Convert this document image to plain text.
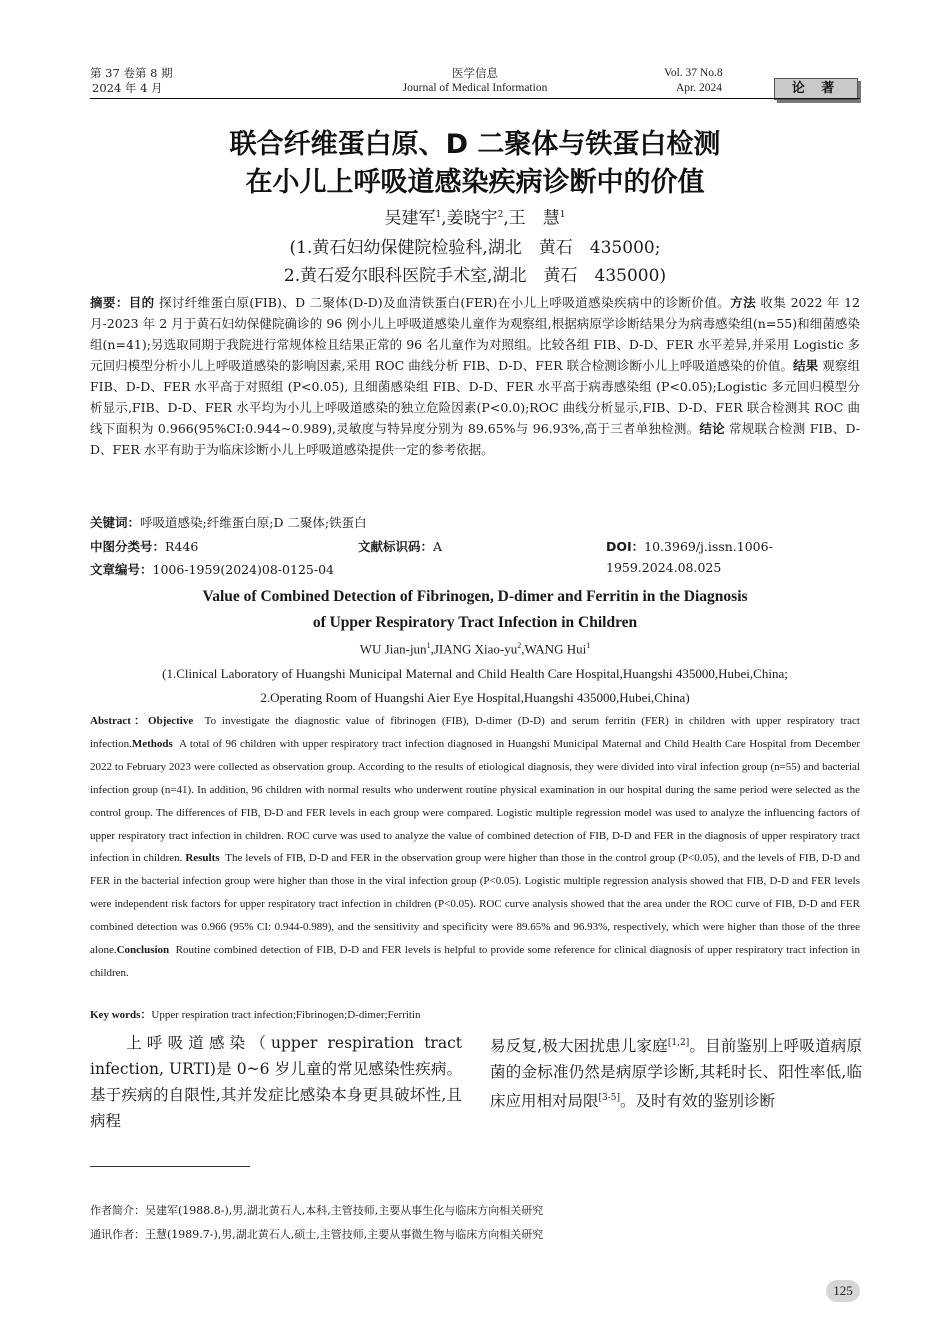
第 37 卷第 8 期
2024 年 4 月
医学信息
Journal of Medical Information
Vol. 37 No.8
Apr. 2024	论 著
联合纤维蛋白原、D 二聚体与铁蛋白检测
在小儿上呼吸道感染疾病诊断中的价值
吴建军$^1$,姜晓宇$^2$,王　慧$^1$
(1.黄石妇幼保健院检验科,湖北　黄石　435000;
2.黄石爱尔眼科医院手术室,湖北　黄石　435000)
摘要：目的 探讨纤维蛋白原(FIB)、D 二聚体(D-D)及血清铁蛋白(FER)在小儿上呼吸道感染疾病中的诊断价值。方法 收集 2022 年 12 月-2023 年 2 月于黄石妇幼保健院确诊的 96 例小儿上呼吸道感染儿童作为观察组,根据病原学诊断结果分为病毒感染组(n=55)和细菌感染组(n=41);另选取同期于我院进行常规体检且结果正常的 96 名儿童作为对照组。比较各组 FIB、D-D、FER 水平差异,并采用 Logistic 多元回归模型分析小儿上呼吸道感染的影响因素,采用 ROC 曲线分析 FIB、D-D、FER 联合检测诊断小儿上呼吸道感染的价值。结果 观察组 FIB、D-D、FER 水平高于对照组 (P<0.05), 且细菌感染组 FIB、D-D、FER 水平高于病毒感染组 (P<0.05);Logistic 多元回归模型分析显示,FIB、D-D、FER 水平均为小儿上呼吸道感染的独立危险因素(P<0.0);ROC 曲线分析显示,FIB、D-D、FER 联合检测其 ROC 曲线下面积为 0.966(95%CI:0.944~0.989),灵敏度与特异度分别为 89.65%与 96.93%,高于三者单独检测。结论 常规联合检测 FIB、D-D、FER 水平有助于为临床诊断小儿上呼吸道感染提供一定的参考依据。
关键词：呼吸道感染;纤维蛋白原;D 二聚体;铁蛋白
中图分类号：R446	文献标识码：A	DOI：10.3969/j.issn.1006-1959.2024.08.025
文章编号：1006-1959(2024)08-0125-04
Value of Combined Detection of Fibrinogen, D-dimer and Ferritin in the Diagnosis
of Upper Respiratory Tract Infection in Children
WU Jian-jun$^1$,JIANG Xiao-$yu^2,WANG$ Hui$^1$
(1.Clinical Laboratory of Huangshi Municipal Maternal and Child Health Care Hospital,Huangshi 435000,Hubei,China;
2.Operating Room of Huangshi Aier Eye Hospital,Huangshi 435000,Hubei,China)
Abstract：Objective To investigate the diagnostic value of fibrinogen (FIB), D-dimer (D-D) and serum ferritin (FER) in children with upper respiratory tract infection.Methods A total of 96 children with upper respiratory tract infection diagnosed in Huangshi Municipal Maternal and Child Health Care Hospital from December 2022 to February 2023 were collected as observation group. According to the results of etiological diagnosis, they were divided into viral infection group (n=55) and bacterial infection group (n=41). In addition, 96 children with normal results who underwent routine physical examination in our hospital during the same period were selected as the control group. The differences of FIB, D-D and FER levels in each group were compared. Logistic multiple regression model was used to analyze the influencing factors of upper respiratory tract infection in children. ROC curve was used to analyze the value of combined detection of FIB, D-D and FER in the diagnosis of upper respiratory tract infection in children. Results The levels of FIB, D-D and FER in the observation group were higher than those in the control group (P<0.05), and the levels of FIB, D-D and FER in the bacterial infection group were higher than those in the viral infection group (P<0.05). Logistic multiple regression analysis showed that FIB, D-D and FER levels were independent risk factors for upper respiratory tract infection in children (P<0.05). ROC curve analysis showed that the area under the ROC curve of FIB, D-D and FER combined detection was 0.966 (95% CI: 0.944-0.989), and the sensitivity and specificity were 89.65% and 96.93%, respectively, which were higher than those of the three alone.Conclusion Routine combined detection of FIB, D-D and FER levels is helpful to provide some reference for clinical diagnosis of upper respiratory tract infection in children.
Key words：Upper respiration tract infection;Fibrinogen;D-dimer;Ferritin
上呼吸道感染（upper respiration tract infection, URTI)是 0~6 岁儿童的常见感染性疾病。基于疾病的自限性,其并发症比感染本身更具破坏性,且病程
易反复,极大困扰患儿家庭[1,2]。目前鉴别上呼吸道病原菌的金标准仍然是病原学诊断,其耗时长、阳性率低,临床应用相对局限[3-5]。及时有效的鉴别诊断
作者简介：吴建军(1988.8-),男,湖北黄石人,本科,主管技师,主要从事生化与临床方向相关研究
通讯作者：王慧(1989.7-),男,湖北黄石人,硕士,主管技师,主要从事微生物与临床方向相关研究
125
